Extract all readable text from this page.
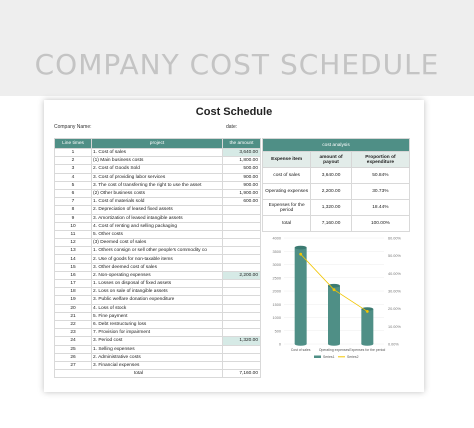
COMPANY COST SCHEDULE
Cost Schedule
Company Name:	date:
Line times	project	the amount
1	1. Cost of sales	3,640.00
2	(1) Main business costs	1,800.00
3	2. Cost of Goods Sold	500.00
4	3. Cost of providing labor services	900.00
5	3. The cost of transferring the right to use the asset	900.00
6	(2) Other business costs	1,900.00
7	1. Cost of materials sold	600.00
8	2. Depreciation of leased fixed assets	
9	3. Amortization of leased intangible assets	
10	4. Cost of renting and selling packaging	
11	5. Other costs	
12	(3) Deemed cost of sales	
13	1. Others consign or sell other people's commodity co	
14	2. Use of goods for non-taxable items	
15	3. Other deemed cost of sales	
16	2. Non-operating expenses	2,200.00
17	1. Losses on disposal of fixed assets	
18	2. Loss on sale of intangible assets	
19	3. Public welfare donation expenditure	
20	4. Loss of stock	
21	5. Fine payment	
22	6. Debt restructuring loss	
23	7. Provision for impairment	
24	3. Period cost	1,320.00
25	1. Selling expenses	
26	2. Administrative costs	
27	3. Financial expenses	
total		7,160.00
cost analysis		
Expense item	amount of payout	Proportion of expenditure
cost of sales	3,640.00	50.84%
Operating expenses	2,200.00	30.73%
Expenses for the period	1,320.00	18.44%
total	7,160.00	100.00%
0
500
1000
1500
2000
2500
3000
3500
4000
0.00%
10.00%
20.00%
30.00%
40.00%
50.00%
60.00%
Cost of sales Operating expenses Expenses for the period
Series1	Series2
